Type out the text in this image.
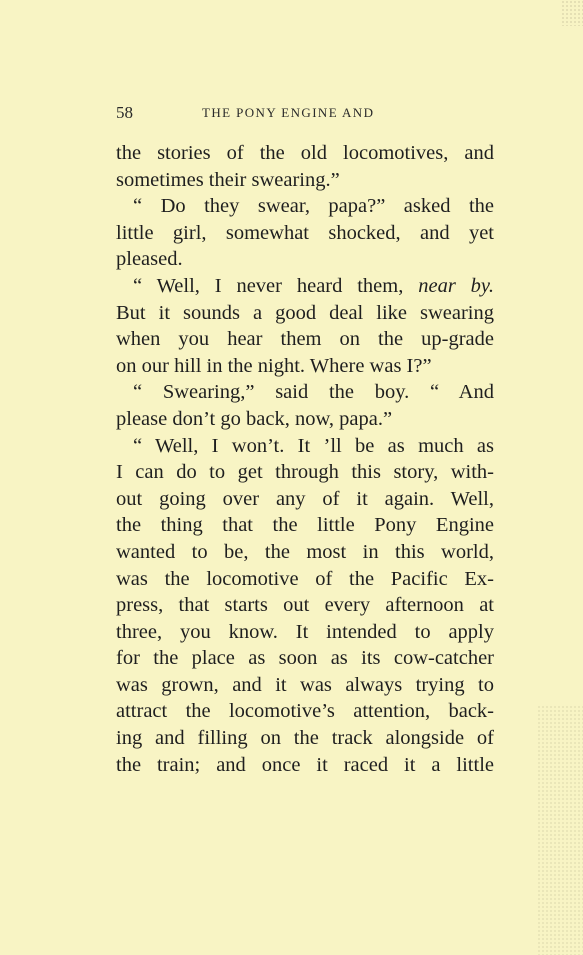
58	THE PONY ENGINE AND
the stories of the old locomotives, and
sometimes their swearing.”
“ Do they swear, papa?” asked the
little girl, somewhat shocked, and yet
pleased.
“ Well, I never heard them, near by.
But it sounds a good deal like swearing
when you hear them on the up-grade
on our hill in the night. Where was I?”
“ Swearing,” said the boy. “ And
please don’t go back, now, papa.”
“ Well, I won’t. It ’ll be as much as
I can do to get through this story, with-
out going over any of it again. Well,
the thing that the little Pony Engine
wanted to be, the most in this world,
was the locomotive of the Pacific Ex-
press, that starts out every afternoon at
three, you know. It intended to apply
for the place as soon as its cow-catcher
was grown, and it was always trying to
attract the locomotive’s attention, back-
ing and filling on the track alongside of
the train; and once it raced it a little
